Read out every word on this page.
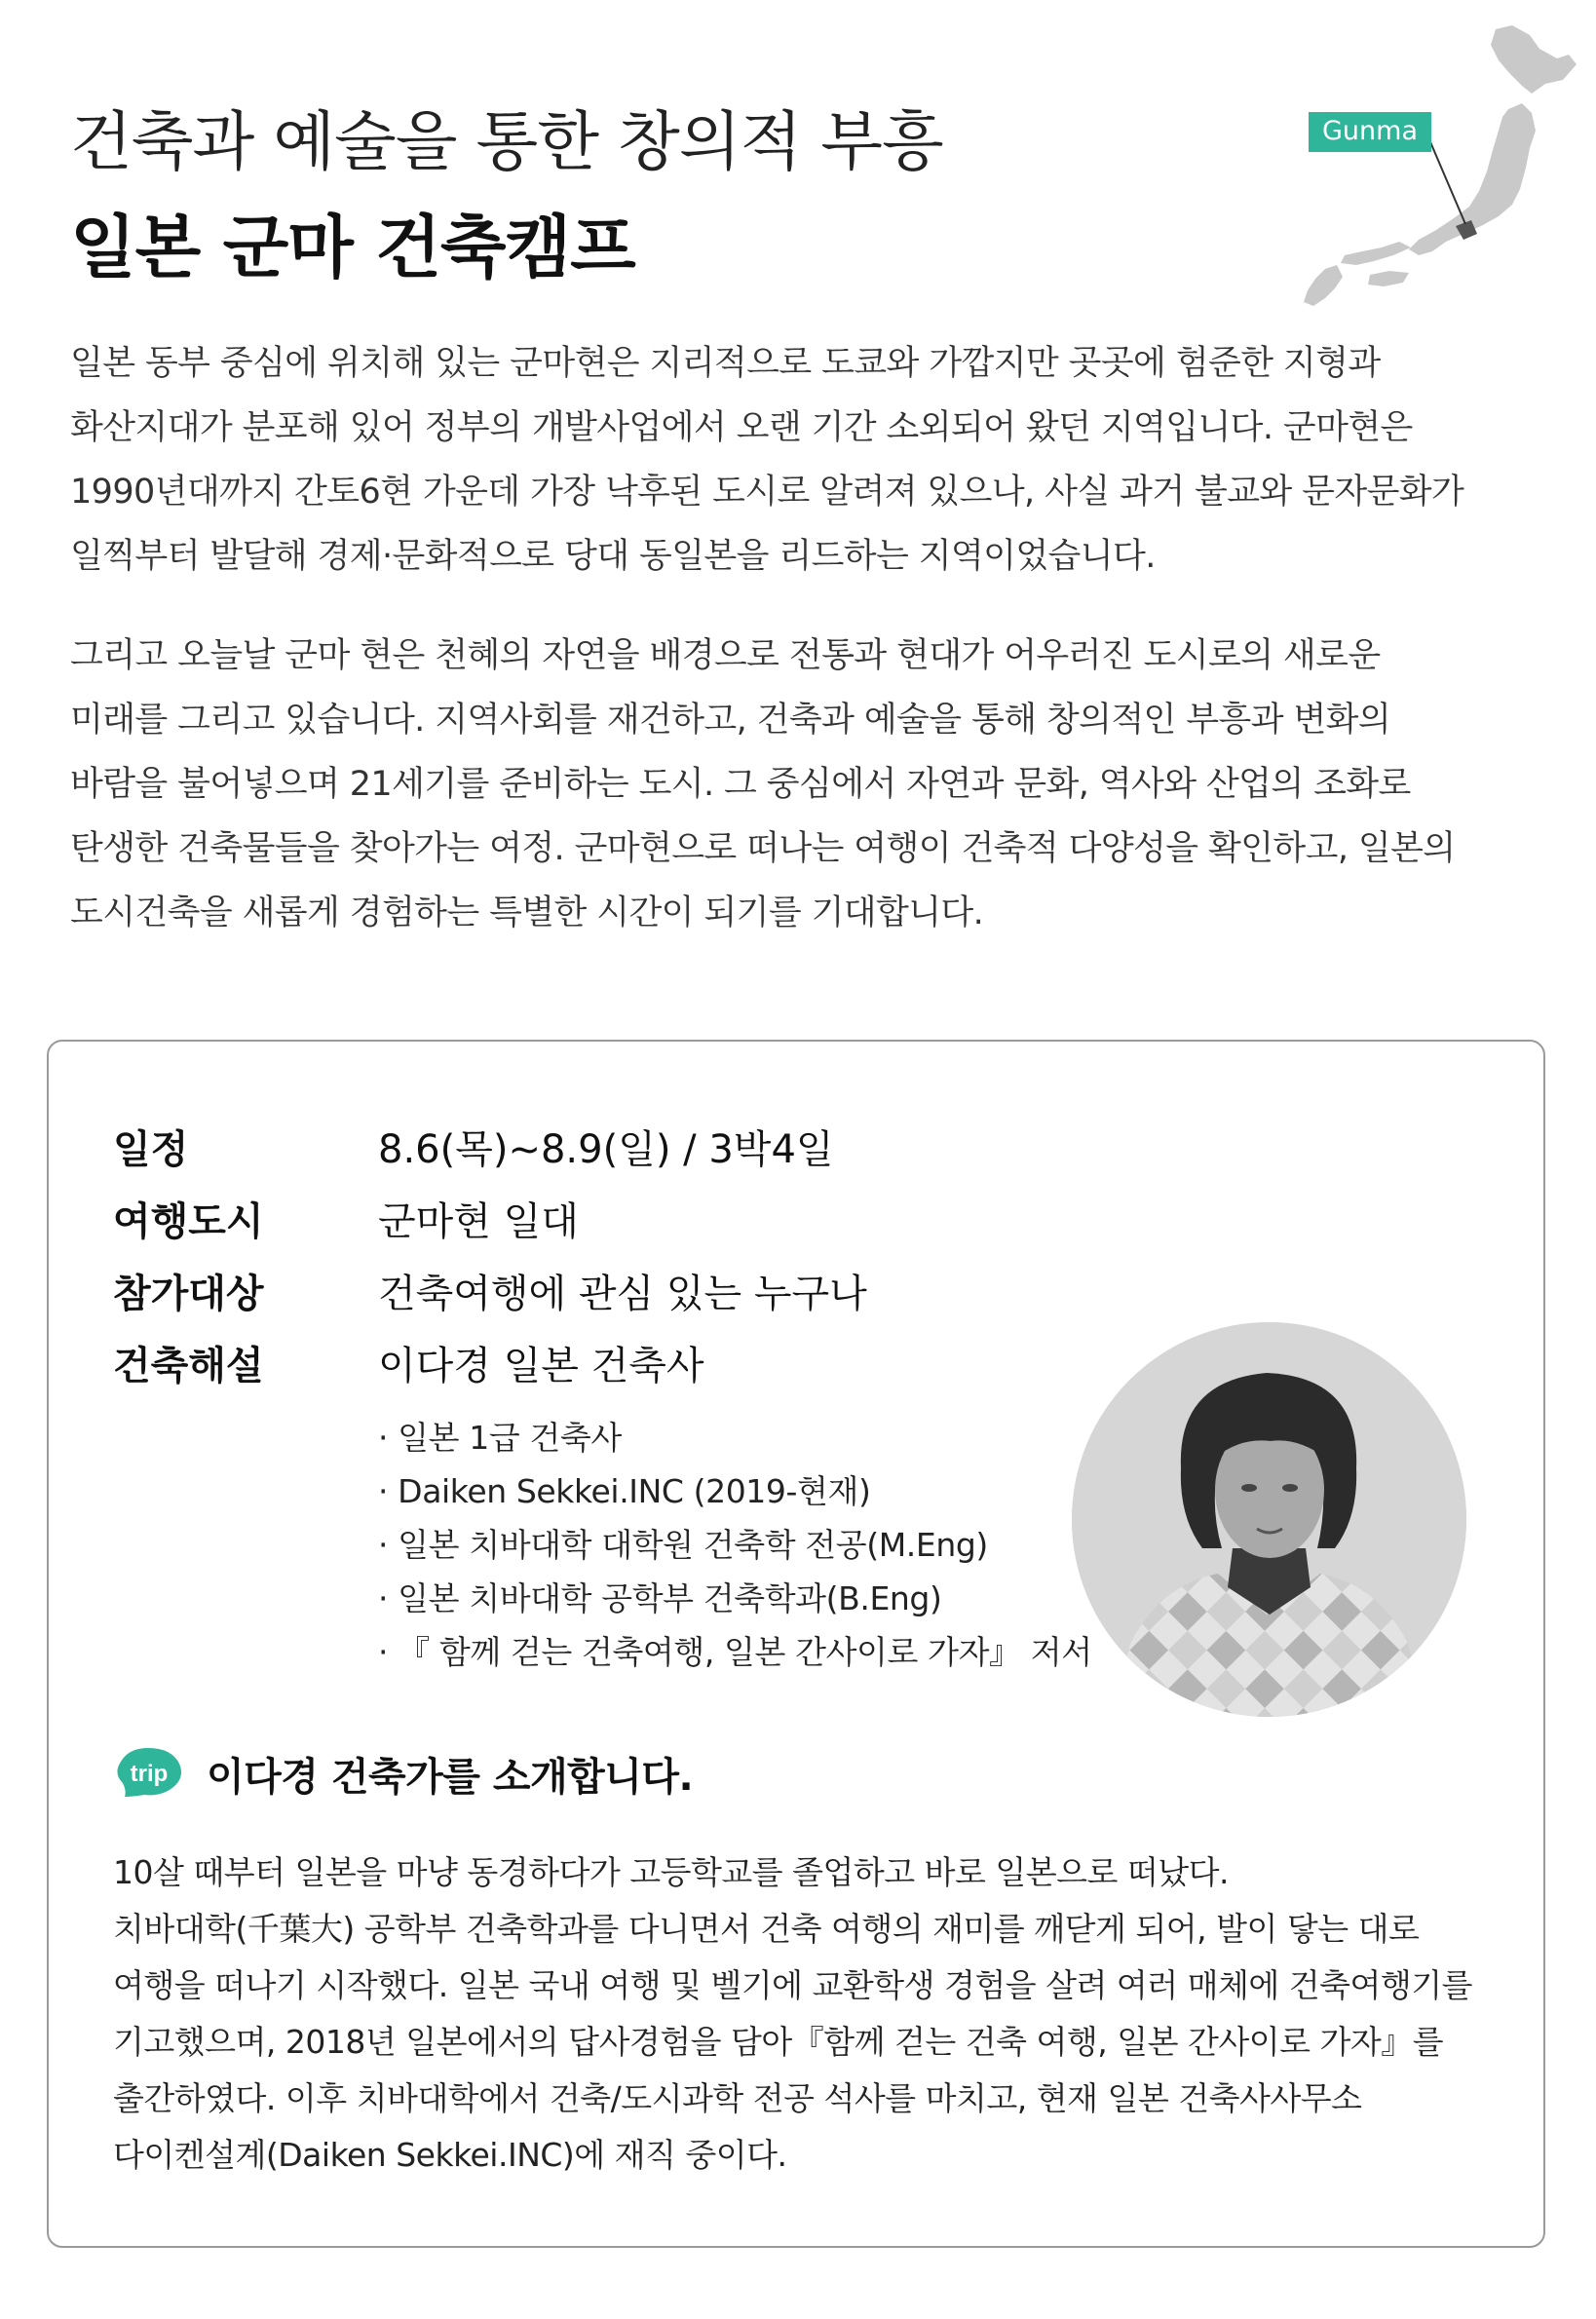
건축과 예술을 통한 창의적 부흥
일본 군마 건축캠프
Gunma
일본 동부 중심에 위치해 있는 군마현은 지리적으로 도쿄와 가깝지만 곳곳에 험준한 지형과
화산지대가 분포해 있어 정부의 개발사업에서 오랜 기간 소외되어 왔던 지역입니다. 군마현은
1990년대까지 간토6현 가운데 가장 낙후된 도시로 알려져 있으나, 사실 과거 불교와 문자문화가
일찍부터 발달해 경제·문화적으로 당대 동일본을 리드하는 지역이었습니다.
그리고 오늘날 군마 현은 천혜의 자연을 배경으로 전통과 현대가 어우러진 도시로의 새로운
미래를 그리고 있습니다. 지역사회를 재건하고, 건축과 예술을 통해 창의적인 부흥과 변화의
바람을 불어넣으며 21세기를 준비하는 도시. 그 중심에서 자연과 문화, 역사와 산업의 조화로
탄생한 건축물들을 찾아가는 여정. 군마현으로 떠나는 여행이 건축적 다양성을 확인하고, 일본의
도시건축을 새롭게 경험하는 특별한 시간이 되기를 기대합니다.
일정	8.6(목)~8.9(일) / 3박4일
여행도시	군마현 일대
참가대상	건축여행에 관심 있는 누구나
건축해설	이다경 일본 건축사
· 일본 1급 건축사
· Daiken Sekkei.INC (2019-현재)
· 일본 치바대학 대학원 건축학 전공(M.Eng)
· 일본 치바대학 공학부 건축학과(B.Eng)
· 『 함께 걷는 건축여행, 일본 간사이로 가자』 저서
trip 이다경 건축가를 소개합니다.
10살 때부터 일본을 마냥 동경하다가 고등학교를 졸업하고 바로 일본으로 떠났다.
치바대학(千葉大) 공학부 건축학과를 다니면서 건축 여행의 재미를 깨닫게 되어, 발이 닿는 대로
여행을 떠나기 시작했다. 일본 국내 여행 및 벨기에 교환학생 경험을 살려 여러 매체에 건축여행기를
기고했으며, 2018년 일본에서의 답사경험을 담아『함께 걷는 건축 여행, 일본 간사이로 가자』를
출간하였다. 이후 치바대학에서 건축/도시과학 전공 석사를 마치고, 현재 일본 건축사사무소
다이켄설계(Daiken Sekkei.INC)에 재직 중이다.
